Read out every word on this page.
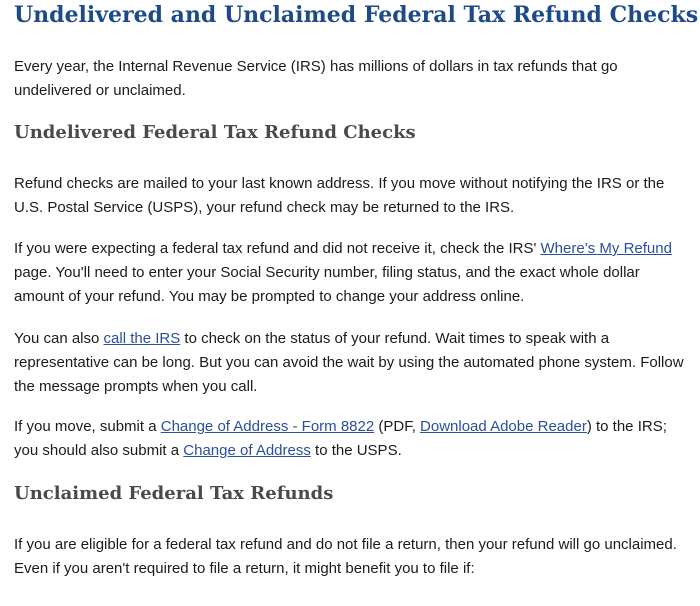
Undelivered and Unclaimed Federal Tax Refund Checks

Every year, the Internal Revenue Service (IRS) has millions of dollars in tax refunds that go undelivered or unclaimed.

Undelivered Federal Tax Refund Checks

Refund checks are mailed to your last known address. If you move without notifying the IRS or the U.S. Postal Service (USPS), your refund check may be returned to the IRS.

If you were expecting a federal tax refund and did not receive it, check the IRS' Where’s My Refund page. You'll need to enter your Social Security number, filing status, and the exact whole dollar amount of your refund. You may be prompted to change your address online.

You can also call the IRS to check on the status of your refund. Wait times to speak with a representative can be long. But you can avoid the wait by using the automated phone system. Follow the message prompts when you call.

If you move, submit a Change of Address - Form 8822 (PDF, Download Adobe Reader) to the IRS; you should also submit a Change of Address to the USPS.

Unclaimed Federal Tax Refunds

If you are eligible for a federal tax refund and do not file a return, then your refund will go unclaimed. Even if you aren't required to file a return, it might benefit you to file if:
